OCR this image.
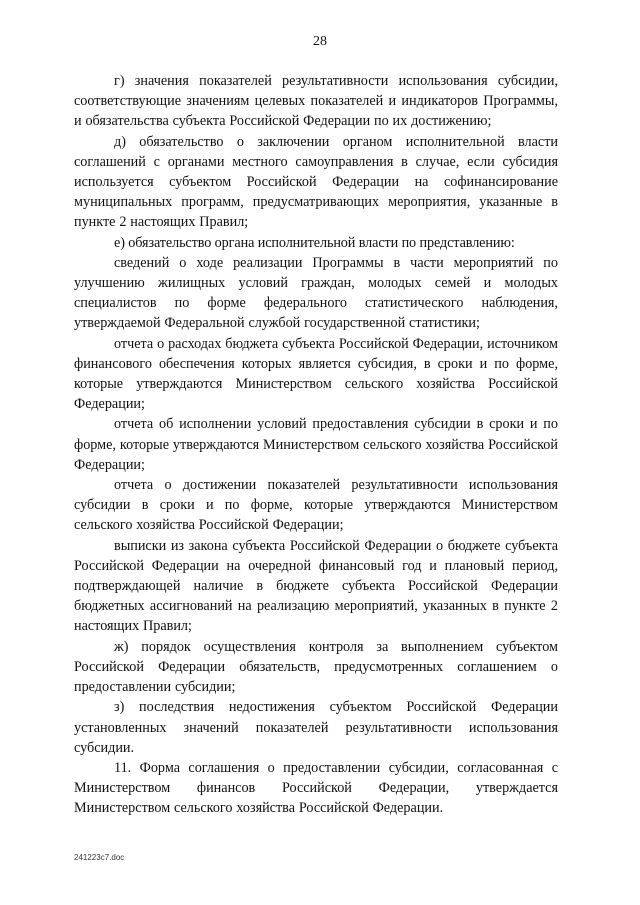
28

г) значения показателей результативности использования субсидии, соответствующие значениям целевых показателей и индикаторов Программы, и обязательства субъекта Российской Федерации по их достижению;

д) обязательство о заключении органом исполнительной власти соглашений с органами местного самоуправления в случае, если субсидия используется субъектом Российской Федерации на софинансирование муниципальных программ, предусматривающих мероприятия, указанные в пункте 2 настоящих Правил;

е) обязательство органа исполнительной власти по представлению:

сведений о ходе реализации Программы в части мероприятий по улучшению жилищных условий граждан, молодых семей и молодых специалистов по форме федерального статистического наблюдения, утверждаемой Федеральной службой государственной статистики;

отчета о расходах бюджета субъекта Российской Федерации, источником финансового обеспечения которых является субсидия, в сроки и по форме, которые утверждаются Министерством сельского хозяйства Российской Федерации;

отчета об исполнении условий предоставления субсидии в сроки и по форме, которые утверждаются Министерством сельского хозяйства Российской Федерации;

отчета о достижении показателей результативности использования субсидии в сроки и по форме, которые утверждаются Министерством сельского хозяйства Российской Федерации;

выписки из закона субъекта Российской Федерации о бюджете субъекта Российской Федерации на очередной финансовый год и плановый период, подтверждающей наличие в бюджете субъекта Российской Федерации бюджетных ассигнований на реализацию мероприятий, указанных в пункте 2 настоящих Правил;

ж) порядок осуществления контроля за выполнением субъектом Российской Федерации обязательств, предусмотренных соглашением о предоставлении субсидии;

з) последствия недостижения субъектом Российской Федерации установленных значений показателей результативности использования субсидии.

11. Форма соглашения о предоставлении субсидии, согласованная с Министерством финансов Российской Федерации, утверждается Министерством сельского хозяйства Российской Федерации.

241223с7.doc
